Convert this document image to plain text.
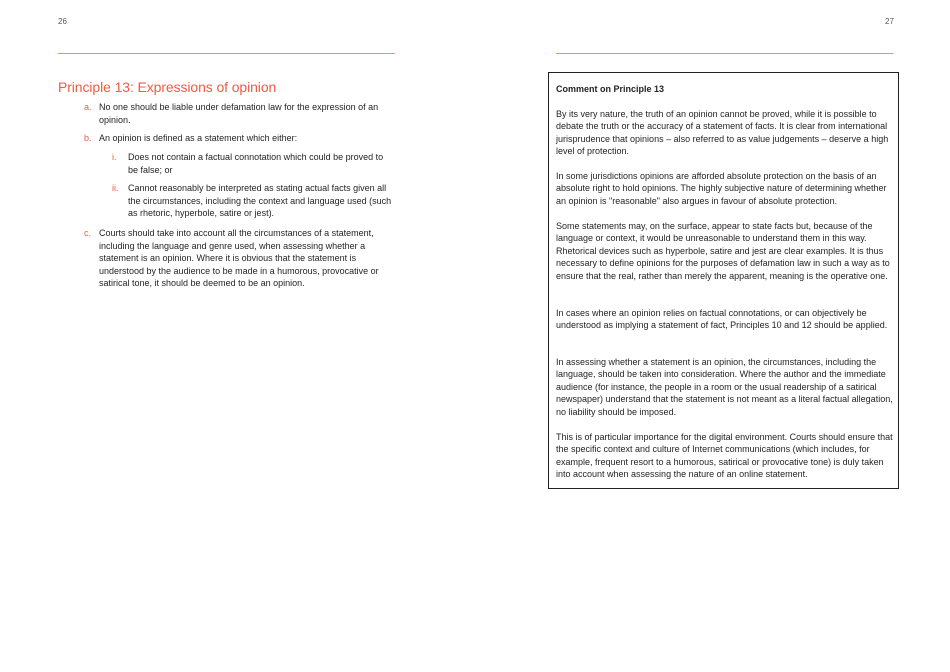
26	27
Principle 13: Expressions of opinion
a. No one should be liable under defamation law for the expression of an opinion.
b. An opinion is defined as a statement which either:
i.	Does not contain a factual connotation which could be proved to be false; or
ii.	Cannot reasonably be interpreted as stating actual facts given all the circumstances, including the context and language used (such as rhetoric, hyperbole, satire or jest).
c. Courts should take into account all the circumstances of a statement, including the language and genre used, when assessing whether a statement is an opinion. Where it is obvious that the statement is understood by the audience to be made in a humorous, provocative or satirical tone, it should be deemed to be an opinion.
Comment on Principle 13

By its very nature, the truth of an opinion cannot be proved, while it is possible to debate the truth or the accuracy of a statement of facts. It is clear from international jurisprudence that opinions – also referred to as value judgements – deserve a high level of protection.

In some jurisdictions opinions are afforded absolute protection on the basis of an absolute right to hold opinions. The highly subjective nature of determining whether an opinion is "reasonable" also argues in favour of absolute protection.

Some statements may, on the surface, appear to state facts but, because of the language or context, it would be unreasonable to understand them in this way. Rhetorical devices such as hyperbole, satire and jest are clear examples. It is thus necessary to define opinions for the purposes of defamation law in such a way as to ensure that the real, rather than merely the apparent, meaning is the operative one.

In cases where an opinion relies on factual connotations, or can objectively be understood as implying a statement of fact, Principles 10 and 12 should be applied.

In assessing whether a statement is an opinion, the circumstances, including the language, should be taken into consideration. Where the author and the immediate audience (for instance, the people in a room or the usual readership of a satirical newspaper) understand that the statement is not meant as a literal factual allegation, no liability should be imposed.

This is of particular importance for the digital environment. Courts should ensure that the specific context and culture of Internet communications (which includes, for example, frequent resort to a humorous, satirical or provocative tone) is duly taken into account when assessing the nature of an online statement.
